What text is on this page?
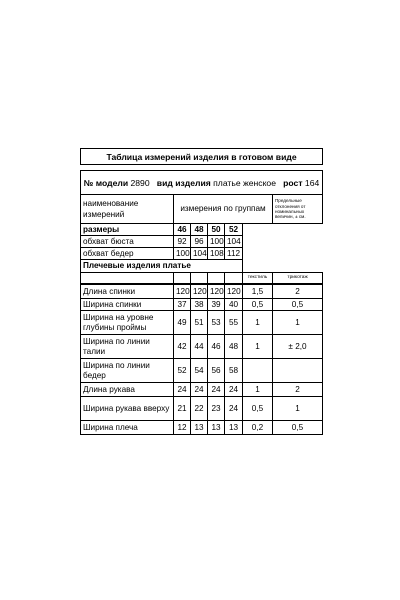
Таблица измерений изделия в готовом виде						

№ модели 2890 вид изделия платье женское рост 164						
наименование измерений	измерения по группам					Предельные отклонения от номинальных величин, ± см.
размеры	46	48	50	52		
обхват бюста	92	96	100	104		
обхват бедер	100	104	108	112		
Плечевые изделия платье						
					текстиль	трикотаж
Длина спинки	120	120	120	120	1,5	2
Ширина спинки	37	38	39	40	0,5	0,5
Ширина на уровне глубины проймы	49	51	53	55	1	1
Ширина по линии талии	42	44	46	48	1	± 2,0
Ширина по линии бедер	52	54	56	58		
Длина рукава	24	24	24	24	1	2
Ширина рукава вверху	21	22	23	24	0,5	1
Ширина плеча	12	13	13	13	0,2	0,5
